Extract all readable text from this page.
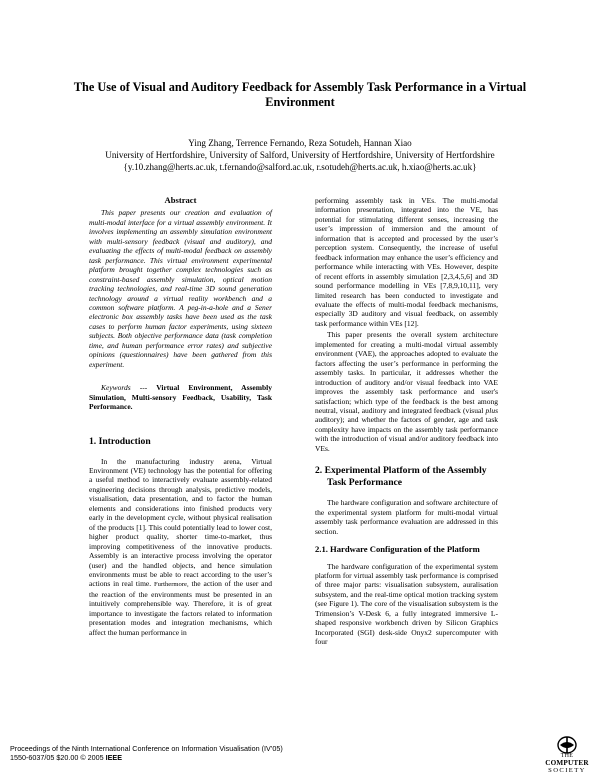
The Use of Visual and Auditory Feedback for Assembly Task Performance in a Virtual Environment
Ying Zhang, Terrence Fernando, Reza Sotudeh, Hannan Xiao
University of Hertfordshire, University of Salford, University of Hertfordshire, University of Hertfordshire
{y.10.zhang@herts.ac.uk, t.fernando@salford.ac.uk, r.sotudeh@herts.ac.uk, h.xiao@herts.ac.uk}
Abstract

This paper presents our creation and evaluation of multi-modal interface for a virtual assembly environment. It involves implementing an assembly simulation environment with multi-sensory feedback (visual and auditory), and evaluating the effects of multi-modal feedback on assembly task performance. This virtual environment experimental platform brought together complex technologies such as constraint-based assembly simulation, optical motion tracking technologies, and real-time 3D sound generation technology around a virtual reality workbench and a common software platform. A peg-in-a-hole and a Sener electronic box assembly tasks have been used as the task cases to perform human factor experiments, using sixteen subjects. Both objective performance data (task completion time, and human performance error rates) and subjective opinions (questionnaires) have been gathered from this experiment.

Keywords --- Virtual Environment, Assembly Simulation, Multi-sensory Feedback, Usability, Task Performance.

1. Introduction

In the manufacturing industry arena, Virtual Environment (VE) technology has the potential for offering a useful method to interactively evaluate assembly-related engineering decisions through analysis, predictive models, visualisation, data presentation, and to factor the human elements and considerations into finished products very early in the development cycle, without physical realisation of the products [1]. This could potentially lead to lower cost, higher product quality, shorter time-to-market, thus improving competitiveness of the innovative products. Assembly is an interactive process involving the operator (user) and the handled objects, and hence simulation environments must be able to react according to the user’s actions in real time. Furthermore, the action of the user and the reaction of the environments must be presented in an intuitively comprehensible way. Therefore, it is of great importance to investigate the factors related to information presentation modes and integration mechanisms, which affect the human performance in

performing assembly task in VEs. The multi-modal information presentation, integrated into the VE, has potential for stimulating different senses, increasing the user’s impression of immersion and the amount of information that is accepted and processed by the user’s perception system. Consequently, the increase of useful feedback information may enhance the user’s efficiency and performance while interacting with VEs. However, despite of recent efforts in assembly simulation [2,3,4,5,6] and 3D sound performance modelling in VEs [7,8,9,10,11], very limited research has been conducted to investigate and evaluate the effects of multi-modal feedback mechanisms, especially 3D auditory and visual feedback, on assembly task performance within VEs [12].

This paper presents the overall system architecture implemented for creating a multi-modal virtual assembly environment (VAE), the approaches adopted to evaluate the factors affecting the user’s performance in performing the assembly tasks. In particular, it addresses whether the introduction of auditory and/or visual feedback into VAE improves the assembly task performance and user's satisfaction; which type of the feedback is the best among neutral, visual, auditory and integrated feedback (visual plus auditory); and whether the factors of gender, age and task complexity have impacts on the assembly task performance with the introduction of visual and/or auditory feedback into VEs.

2. Experimental Platform of the Assembly
Task Performance

The hardware configuration and software architecture of the experimental system platform for multi-modal virtual assembly task performance evaluation are addressed in this section.

2.1. Hardware Configuration of the Platform

The hardware configuration of the experimental system platform for virtual assembly task performance is comprised of three major parts: visualisation subsystem, auralisation subsystem, and the real-time optical motion tracking system (see Figure 1). The core of the visualisation subsystem is the Trimension’s V-Desk 6, a fully integrated immersive L-shaped responsive workbench driven by Silicon Graphics Incorporated (SGI) desk-side Onyx2 supercomputer with four

Proceedings of the Ninth International Conference on Information Visualisation (IV’05)
1550-6037/05 $20.00 © 2005 IEEE	THE
COMPUTER
SOCIETY
